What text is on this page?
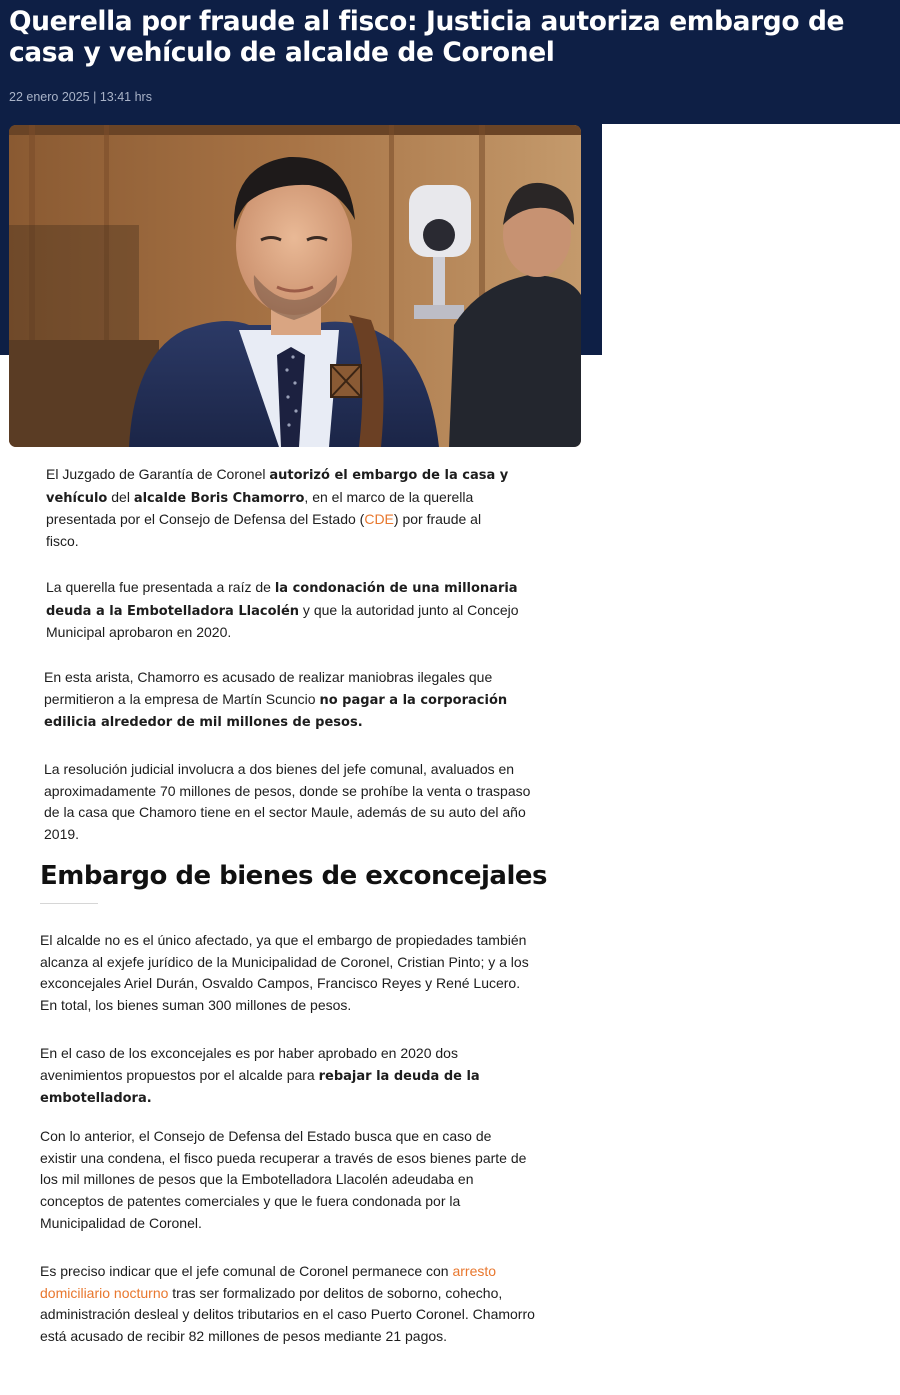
Querella por fraude al fisco: Justicia autoriza embargo de casa y vehículo de alcalde de Coronel
22 enero 2025 | 13:41 hrs

El Juzgado de Garantía de Coronel autorizó el embargo de la casa y vehículo del alcalde Boris Chamorro, en el marco de la querella presentada por el Consejo de Defensa del Estado (CDE) por fraude al fisco.

La querella fue presentada a raíz de la condonación de una millonaria deuda a la Embotelladora Llacolén y que la autoridad junto al Concejo Municipal aprobaron en 2020.

En esta arista, Chamorro es acusado de realizar maniobras ilegales que permitieron a la empresa de Martín Scuncio no pagar a la corporación edilicia alrededor de mil millones de pesos.

La resolución judicial involucra a dos bienes del jefe comunal, avaluados en aproximadamente 70 millones de pesos, donde se prohíbe la venta o traspaso de la casa que Chamoro tiene en el sector Maule, además de su auto del año 2019.

Embargo de bienes de exconcejales

El alcalde no es el único afectado, ya que el embargo de propiedades también alcanza al exjefe jurídico de la Municipalidad de Coronel, Cristian Pinto; y a los exconcejales Ariel Durán, Osvaldo Campos, Francisco Reyes y René Lucero. En total, los bienes suman 300 millones de pesos.

En el caso de los exconcejales es por haber aprobado en 2020 dos avenimientos propuestos por el alcalde para rebajar la deuda de la embotelladora.

Con lo anterior, el Consejo de Defensa del Estado busca que en caso de existir una condena, el fisco pueda recuperar a través de esos bienes parte de los mil millones de pesos que la Embotelladora Llacolén adeudaba en conceptos de patentes comerciales y que le fuera condonada por la Municipalidad de Coronel.

Es preciso indicar que el jefe comunal de Coronel permanece con arresto domiciliario nocturno tras ser formalizado por delitos de soborno, cohecho, administración desleal y delitos tributarios en el caso Puerto Coronel. Chamorro está acusado de recibir 82 millones de pesos mediante 21 pagos.
